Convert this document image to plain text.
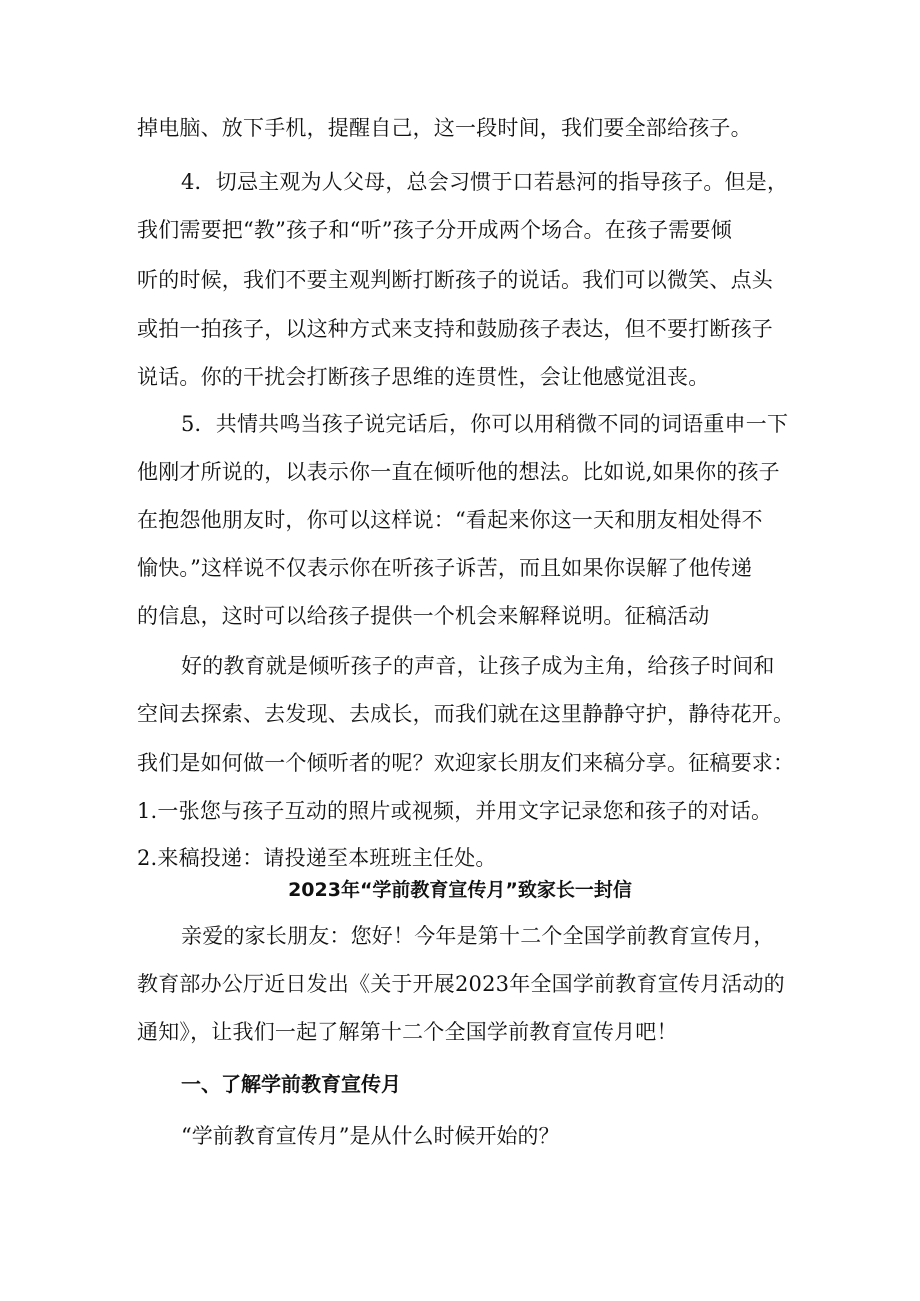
掉电脑、放下手机，提醒自己，这一段时间，我们要全部给孩子。
4．切忌主观为人父母，总会习惯于口若悬河的指导孩子。但是，
我们需要把“教”孩子和“听”孩子分开成两个场合。在孩子需要倾
听的时候，我们不要主观判断打断孩子的说话。我们可以微笑、点头
或拍一拍孩子，以这种方式来支持和鼓励孩子表达，但不要打断孩子
说话。你的干扰会打断孩子思维的连贯性，会让他感觉沮丧。
5．共情共鸣当孩子说完话后，你可以用稍微不同的词语重申一下
他刚才所说的，以表示你一直在倾听他的想法。比如说,如果你的孩子
在抱怨他朋友时，你可以这样说：“看起来你这一天和朋友相处得不
愉快。”这样说不仅表示你在听孩子诉苦，而且如果你误解了他传递
的信息，这时可以给孩子提供一个机会来解释说明。征稿活动
好的教育就是倾听孩子的声音，让孩子成为主角，给孩子时间和
空间去探索、去发现、去成长，而我们就在这里静静守护，静待花开。
我们是如何做一个倾听者的呢？欢迎家长朋友们来稿分享。征稿要求：
1.一张您与孩子互动的照片或视频，并用文字记录您和孩子的对话。
2.来稿投递：请投递至本班班主任处。
2023年“学前教育宣传月”致家长一封信
亲爱的家长朋友：您好！今年是第十二个全国学前教育宣传月，
教育部办公厅近日发出《关于开展2023年全国学前教育宣传月活动的
通知》，让我们一起了解第十二个全国学前教育宣传月吧！
一、了解学前教育宣传月
“学前教育宣传月”是从什么时候开始的？
